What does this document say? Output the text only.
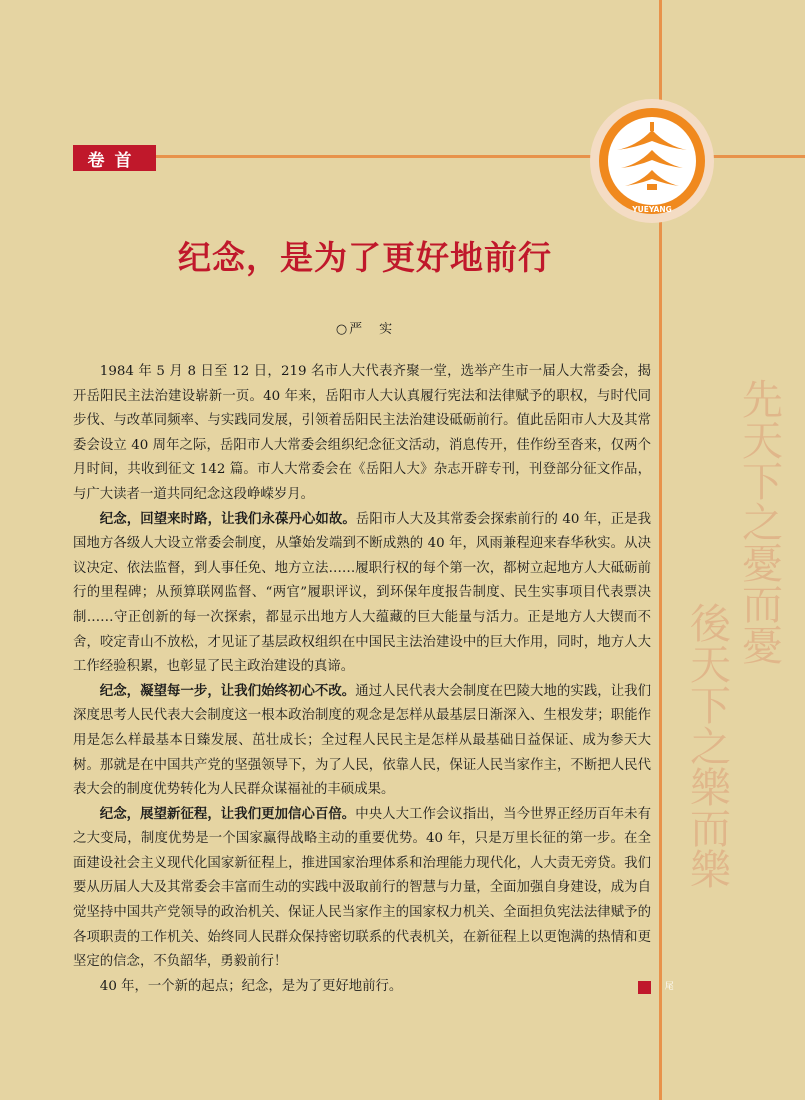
卷首
YUEYANG
纪念，是为了更好地前行
○严　实

1984 年 5 月 8 日至 12 日，219 名市人大代表齐聚一堂，选举产生市一届人大常委会，揭开岳阳民主法治建设崭新一页。40 年来，岳阳市人大认真履行宪法和法律赋予的职权，与时代同步伐、与改革同频率、与实践同发展，引领着岳阳民主法治建设砥砺前行。值此岳阳市人大及其常委会设立 40 周年之际，岳阳市人大常委会组织纪念征文活动，消息传开，佳作纷至沓来，仅两个月时间，共收到征文 142 篇。市人大常委会在《岳阳人大》杂志开辟专刊，刊登部分征文作品，与广大读者一道共同纪念这段峥嵘岁月。

纪念，回望来时路，让我们永葆丹心如故。岳阳市人大及其常委会探索前行的 40 年，正是我国地方各级人大设立常委会制度，从肇始发端到不断成熟的 40 年，风雨兼程迎来春华秋实。从决议决定、依法监督，到人事任免、地方立法……履职行权的每个第一次，都树立起地方人大砥砺前行的里程碑；从预算联网监督、“两官”履职评议，到环保年度报告制度、民生实事项目代表票决制……守正创新的每一次探索，都显示出地方人大蕴藏的巨大能量与活力。正是地方人大锲而不舍，咬定青山不放松，才见证了基层政权组织在中国民主法治建设中的巨大作用，同时，地方人大工作经验积累，也彰显了民主政治建设的真谛。

纪念，凝望每一步，让我们始终初心不改。通过人民代表大会制度在巴陵大地的实践，让我们深度思考人民代表大会制度这一根本政治制度的观念是怎样从最基层日渐深入、生根发芽；职能作用是怎么样最基本日臻发展、茁壮成长；全过程人民民主是怎样从最基础日益保证、成为参天大树。那就是在中国共产党的坚强领导下，为了人民，依靠人民，保证人民当家作主，不断把人民代表大会的制度优势转化为人民群众谋福祉的丰硕成果。

纪念，展望新征程，让我们更加信心百倍。中央人大工作会议指出，当今世界正经历百年未有之大变局，制度优势是一个国家赢得战略主动的重要优势。40 年，只是万里长征的第一步。在全面建设社会主义现代化国家新征程上，推进国家治理体系和治理能力现代化，人大责无旁贷。我们要从历届人大及其常委会丰富而生动的实践中汲取前行的智慧与力量，全面加强自身建设，成为自觉坚持中国共产党领导的政治机关、保证人民当家作主的国家权力机关、全面担负宪法法律赋予的各项职责的工作机关、始终同人民群众保持密切联系的代表机关，在新征程上以更饱满的热情和更坚定的信念，不负韶华，勇毅前行！

40 年，一个新的起点；纪念，是为了更好地前行。	尾

先天下之憂而憂
後天下之樂而樂
